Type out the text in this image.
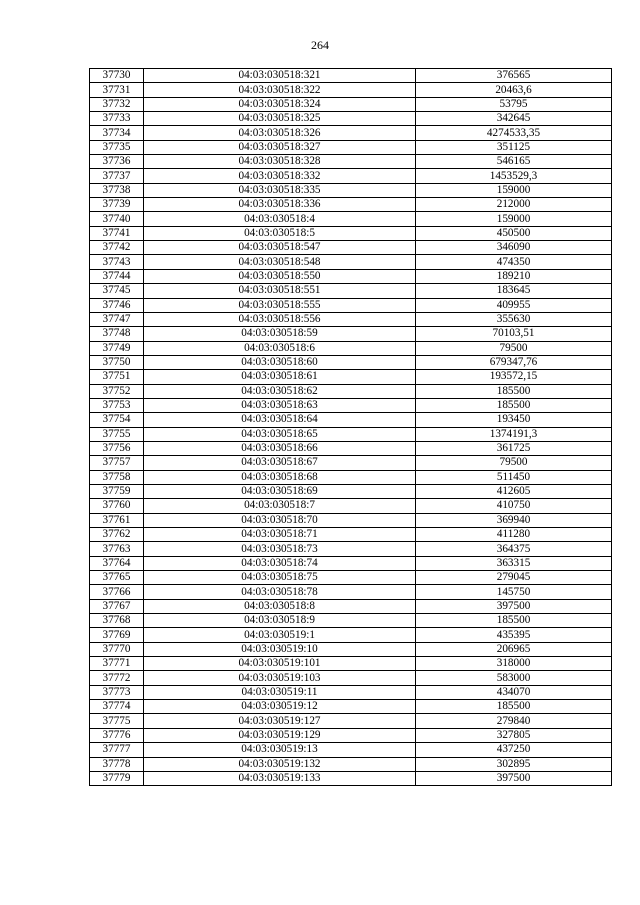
264
37730	04:03:030518:321	376565
37731	04:03:030518:322	20463,6
37732	04:03:030518:324	53795
37733	04:03:030518:325	342645
37734	04:03:030518:326	4274533,35
37735	04:03:030518:327	351125
37736	04:03:030518:328	546165
37737	04:03:030518:332	1453529,3
37738	04:03:030518:335	159000
37739	04:03:030518:336	212000
37740	04:03:030518:4	159000
37741	04:03:030518:5	450500
37742	04:03:030518:547	346090
37743	04:03:030518:548	474350
37744	04:03:030518:550	189210
37745	04:03:030518:551	183645
37746	04:03:030518:555	409955
37747	04:03:030518:556	355630
37748	04:03:030518:59	70103,51
37749	04:03:030518:6	79500
37750	04:03:030518:60	679347,76
37751	04:03:030518:61	193572,15
37752	04:03:030518:62	185500
37753	04:03:030518:63	185500
37754	04:03:030518:64	193450
37755	04:03:030518:65	1374191,3
37756	04:03:030518:66	361725
37757	04:03:030518:67	79500
37758	04:03:030518:68	511450
37759	04:03:030518:69	412605
37760	04:03:030518:7	410750
37761	04:03:030518:70	369940
37762	04:03:030518:71	411280
37763	04:03:030518:73	364375
37764	04:03:030518:74	363315
37765	04:03:030518:75	279045
37766	04:03:030518:78	145750
37767	04:03:030518:8	397500
37768	04:03:030518:9	185500
37769	04:03:030519:1	435395
37770	04:03:030519:10	206965
37771	04:03:030519:101	318000
37772	04:03:030519:103	583000
37773	04:03:030519:11	434070
37774	04:03:030519:12	185500
37775	04:03:030519:127	279840
37776	04:03:030519:129	327805
37777	04:03:030519:13	437250
37778	04:03:030519:132	302895
37779	04:03:030519:133	397500
